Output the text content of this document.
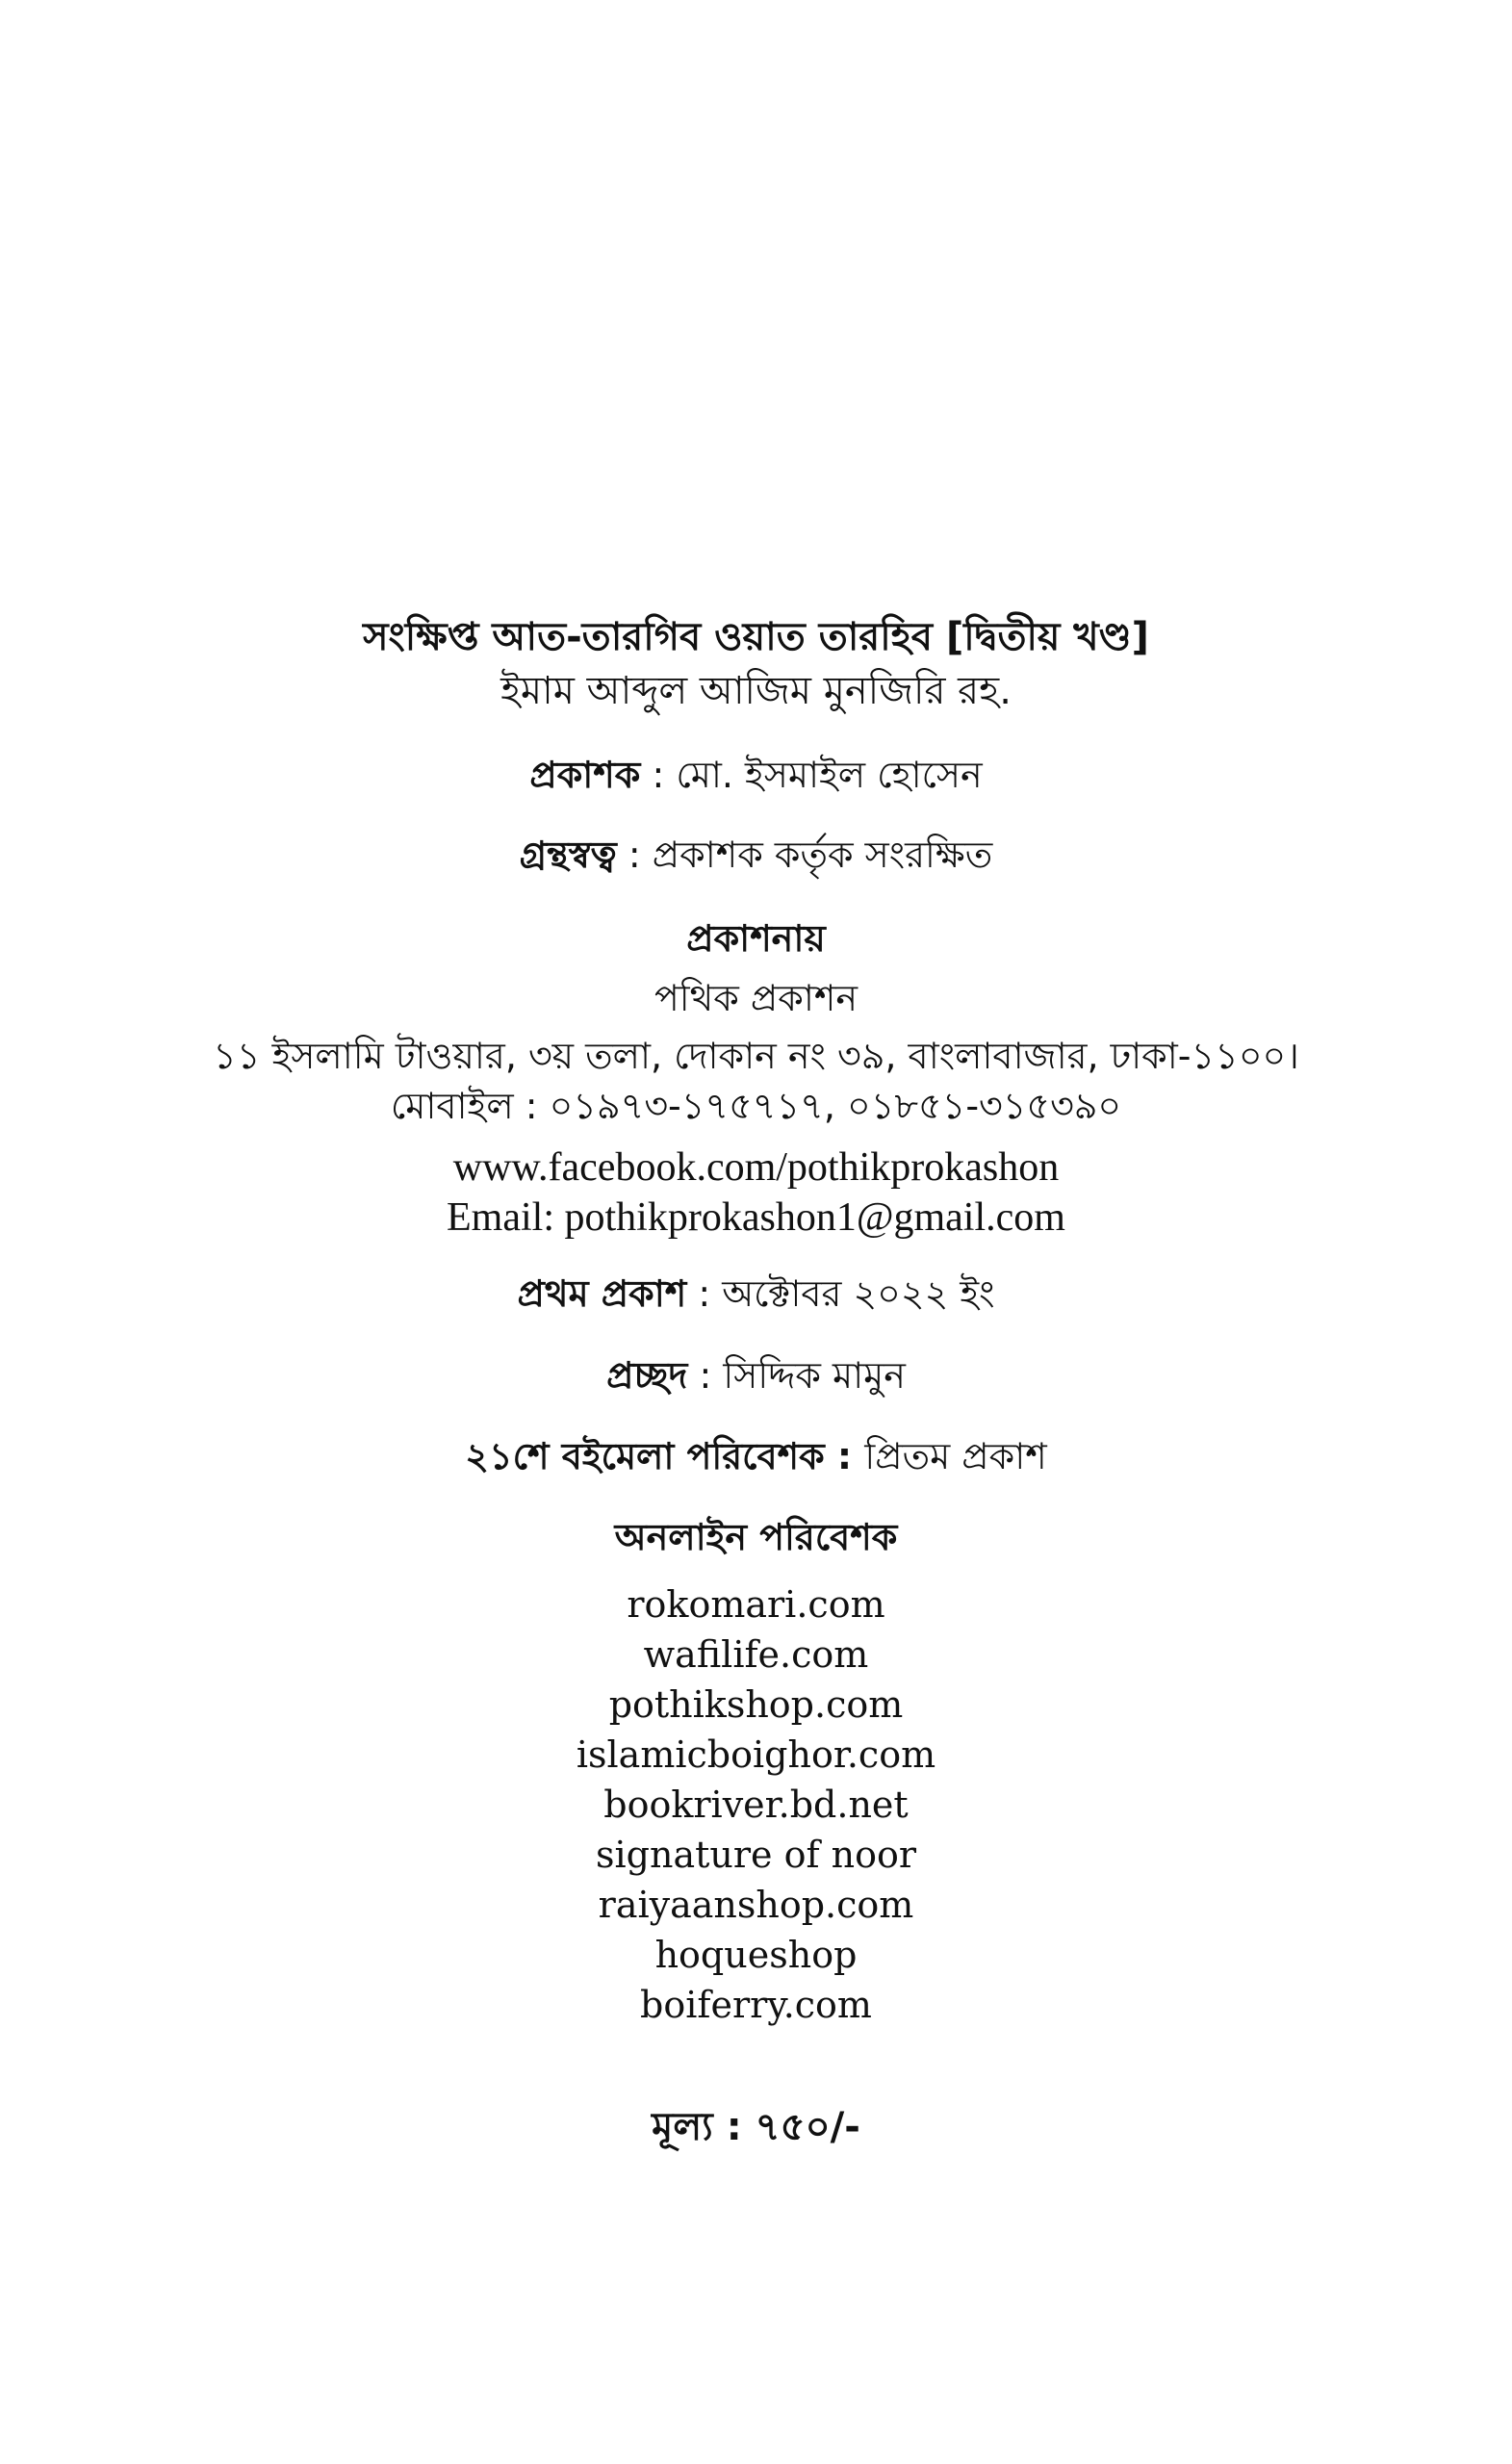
সংক্ষিপ্ত আত-তারগিব ওয়াত তারহিব [দ্বিতীয় খণ্ড]
ইমাম আব্দুল আজিম মুনজিরি রহ.
প্রকাশক : মো. ইসমাইল হোসেন
গ্রন্থস্বত্ব : প্রকাশক কর্তৃক সংরক্ষিত
প্রকাশনায়
পথিক প্রকাশন
১১ ইসলামি টাওয়ার, ৩য় তলা, দোকান নং ৩৯, বাংলাবাজার, ঢাকা-১১০০।
মোবাইল : ০১৯৭৩-১৭৫৭১৭, ০১৮৫১-৩১৫৩৯০
www.facebook.com/pothikprokashon
Email: pothikprokashon1@gmail.com
প্রথম প্রকাশ : অক্টোবর ২০২২ ইং
প্রচ্ছদ : সিদ্দিক মামুন
২১শে বইমেলা পরিবেশক : প্রিতম প্রকাশ
অনলাইন পরিবেশক
rokomari.com
wafilife.com
pothikshop.com
islamicboighor.com
bookriver.bd.net
signature of noor
raiyaanshop.com
hoqueshop
boiferry.com
মূল্য : ৭৫০/-
